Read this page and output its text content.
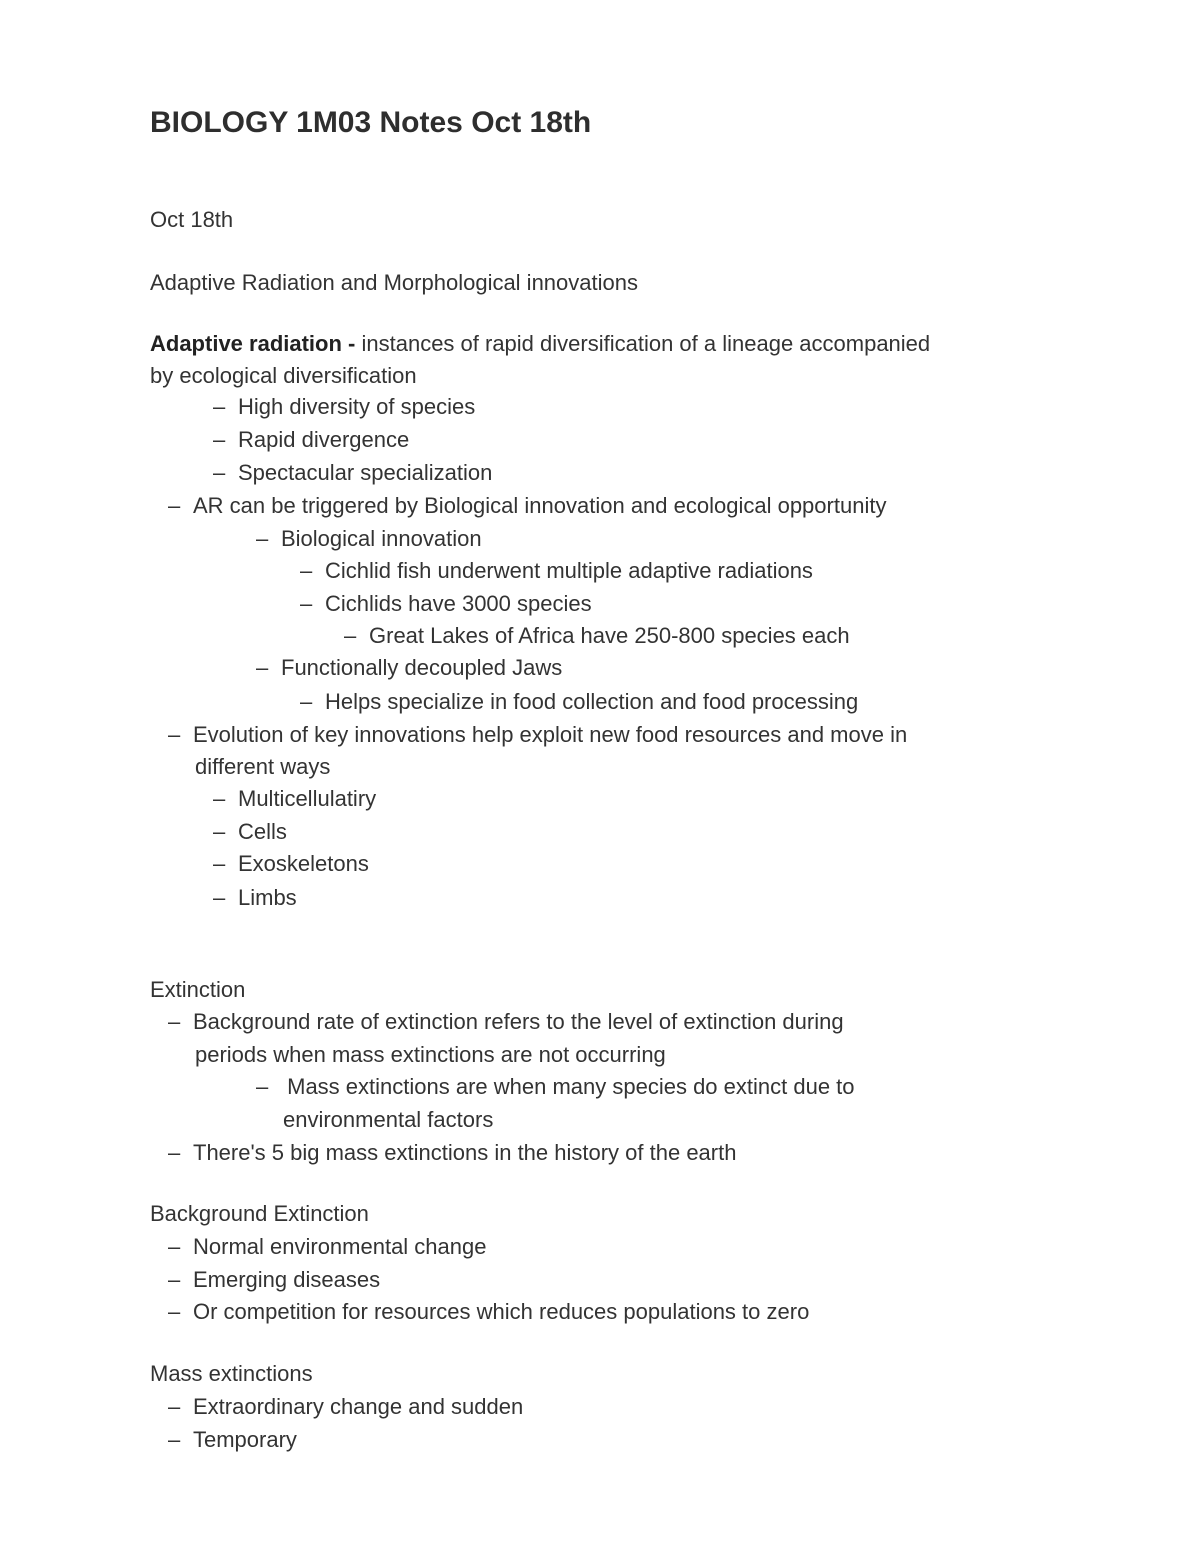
BIOLOGY 1M03 Notes Oct 18th
Oct 18th
Adaptive Radiation and Morphological innovations
Adaptive radiation - instances of rapid diversification of a lineage accompanied
by ecological diversification
– High diversity of species
– Rapid divergence
– Spectacular specialization
– AR can be triggered by Biological innovation and ecological opportunity
– Biological innovation
– Cichlid fish underwent multiple adaptive radiations
– Cichlids have 3000 species
– Great Lakes of Africa have 250-800 species each
– Functionally decoupled Jaws
– Helps specialize in food collection and food processing
– Evolution of key innovations help exploit new food resources and move in
different ways
– Multicellulatiry
– Cells
– Exoskeletons
– Limbs
Extinction
– Background rate of extinction refers to the level of extinction during
periods when mass extinctions are not occurring
– Mass extinctions are when many species do extinct due to
environmental factors
– There's 5 big mass extinctions in the history of the earth
Background Extinction
– Normal environmental change
– Emerging diseases
– Or competition for resources which reduces populations to zero
Mass extinctions
– Extraordinary change and sudden
– Temporary
